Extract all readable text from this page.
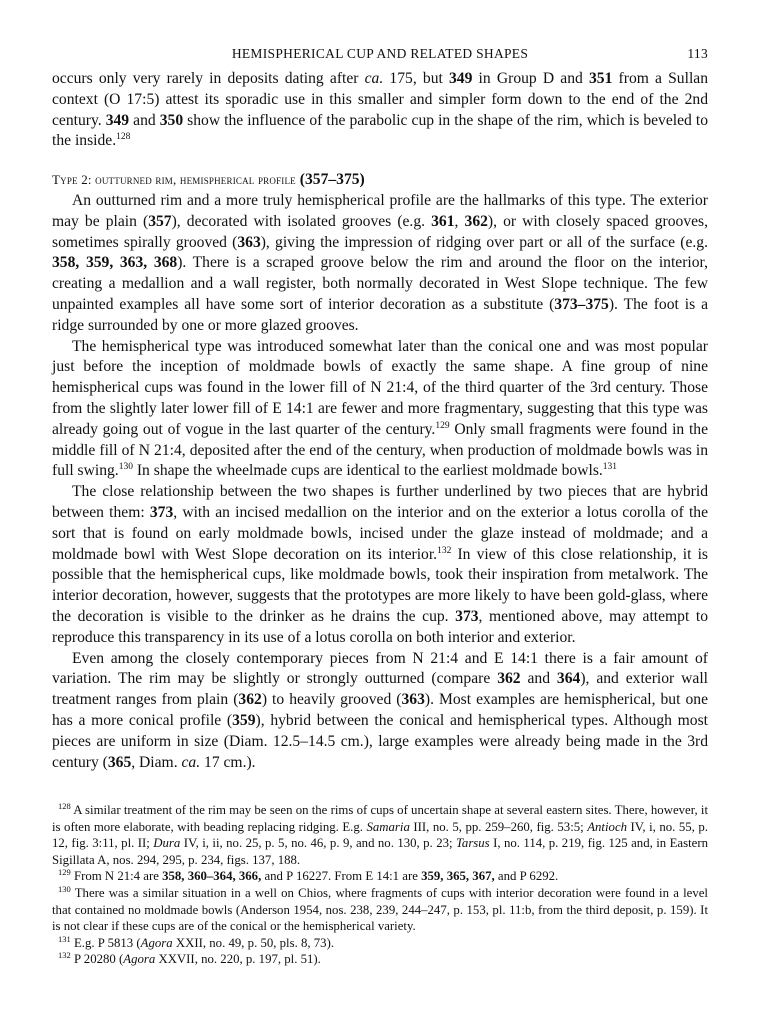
HEMISPHERICAL CUP AND RELATED SHAPES	113

occurs only very rarely in deposits dating after ca. 175, but 349 in Group D and 351 from a Sullan context (O 17:5) attest its sporadic use in this smaller and simpler form down to the end of the 2nd century. 349 and 350 show the influence of the parabolic cup in the shape of the rim, which is beveled to the inside.$^{128}$

Type 2: outturned rim, hemispherical profile (357–375)

An outturned rim and a more truly hemispherical profile are the hallmarks of this type. The exterior may be plain (357), decorated with isolated grooves (e.g. 361, 362), or with closely spaced grooves, sometimes spirally grooved (363), giving the impression of ridging over part or all of the surface (e.g. 358, 359, 363, 368). There is a scraped groove below the rim and around the floor on the interior, creating a medallion and a wall register, both normally decorated in West Slope technique. The few unpainted examples all have some sort of interior decoration as a substitute (373–375). The foot is a ridge surrounded by one or more glazed grooves.

The hemispherical type was introduced somewhat later than the conical one and was most popular just before the inception of moldmade bowls of exactly the same shape. A fine group of nine hemispherical cups was found in the lower fill of N 21:4, of the third quarter of the 3rd century. Those from the slightly later lower fill of E 14:1 are fewer and more fragmentary, suggesting that this type was already going out of vogue in the last quarter of the century.$^{129}$ Only small fragments were found in the middle fill of N 21:4, deposited after the end of the century, when production of moldmade bowls was in full swing.$^{130}$ In shape the wheelmade cups are identical to the earliest moldmade bowls.$^{131}$

The close relationship between the two shapes is further underlined by two pieces that are hybrid between them: 373, with an incised medallion on the interior and on the exterior a lotus corolla of the sort that is found on early moldmade bowls, incised under the glaze instead of moldmade; and a moldmade bowl with West Slope decoration on its interior.$^{132}$ In view of this close relationship, it is possible that the hemispherical cups, like moldmade bowls, took their inspiration from metalwork. The interior decoration, however, suggests that the prototypes are more likely to have been gold-glass, where the decoration is visible to the drinker as he drains the cup. 373, mentioned above, may attempt to reproduce this transparency in its use of a lotus corolla on both interior and exterior.

Even among the closely contemporary pieces from N 21:4 and E 14:1 there is a fair amount of variation. The rim may be slightly or strongly outturned (compare 362 and 364), and exterior wall treatment ranges from plain (362) to heavily grooved (363). Most examples are hemispherical, but one has a more conical profile (359), hybrid between the conical and hemispherical types. Although most pieces are uniform in size (Diam. 12.5–14.5 cm.), large examples were already being made in the 3rd century (365, Diam. ca. 17 cm.).

$^{128}$ A similar treatment of the rim may be seen on the rims of cups of uncertain shape at several eastern sites. There, however, it is often more elaborate, with beading replacing ridging. E.g. Samaria III, no. 5, pp. 259–260, fig. 53:5; Antioch IV, i, no. 55, p. 12, fig. 3:11, pl. II; Dura IV, i, ii, no. 25, p. 5, no. 46, p. 9, and no. 130, p. 23; Tarsus I, no. 114, p. 219, fig. 125 and, in Eastern Sigillata A, nos. 294, 295, p. 234, figs. 137, 188.

$^{129}$ From N 21:4 are 358, 360–364, 366, and P 16227. From E 14:1 are 359, 365, 367, and P 6292.

$^{130}$ There was a similar situation in a well on Chios, where fragments of cups with interior decoration were found in a level that contained no moldmade bowls (Anderson 1954, nos. 238, 239, 244–247, p. 153, pl. 11:b, from the third deposit, p. 159). It is not clear if these cups are of the conical or the hemispherical variety.

$^{131}$ E.g. P 5813 (Agora XXII, no. 49, p. 50, pls. 8, 73).

$^{132}$ P 20280 (Agora XXVII, no. 220, p. 197, pl. 51).
